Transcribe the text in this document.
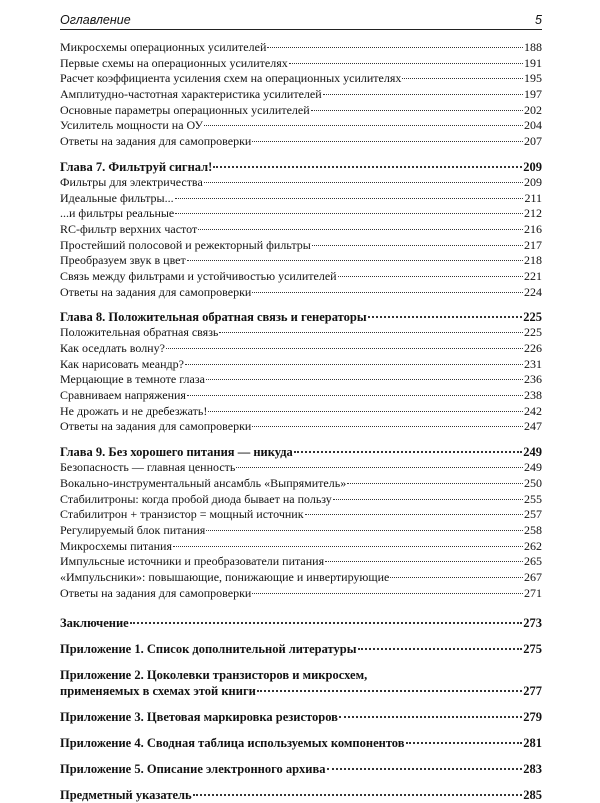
Оглавление	5
Микросхемы операционных усилителей	188
Первые схемы на операционных усилителях	191
Расчет коэффициента усиления схем на операционных усилителях	195
Амплитудно-частотная характеристика усилителей	197
Основные параметры операционных усилителей	202
Усилитель мощности на ОУ	204
Ответы на задания для самопроверки	207
Глава 7. Фильтруй сигнал!	209
Фильтры для электричества	209
Идеальные фильтры...	211
...и фильтры реальные	212
RC-фильтр верхних частот	216
Простейший полосовой и режекторный фильтры	217
Преобразуем звук в цвет	218
Связь между фильтрами и устойчивостью усилителей	221
Ответы на задания для самопроверки	224
Глава 8. Положительная обратная связь и генераторы	225
Положительная обратная связь	225
Как оседлать волну?	226
Как нарисовать меандр?	231
Мерцающие в темноте глаза	236
Сравниваем напряжения	238
Не дрожать и не дребезжать!	242
Ответы на задания для самопроверки	247
Глава 9. Без хорошего питания — никуда	249
Безопасность — главная ценность	249
Вокально-инструментальный ансамбль «Выпрямитель»	250
Стабилитроны: когда пробой диода бывает на пользу	255
Стабилитрон + транзистор = мощный источник	257
Регулируемый блок питания	258
Микросхемы питания	262
Импульсные источники и преобразователи питания	265
«Импульсники»: повышающие, понижающие и инвертирующие	267
Ответы на задания для самопроверки	271
Заключение	273
Приложение 1. Список дополнительной литературы	275
Приложение 2. Цоколевки транзисторов и микросхем,
применяемых в схемах этой книги	277
Приложение 3. Цветовая маркировка резисторов	279
Приложение 4. Сводная таблица используемых компонентов	281
Приложение 5. Описание электронного архива	283
Предметный указатель	285
